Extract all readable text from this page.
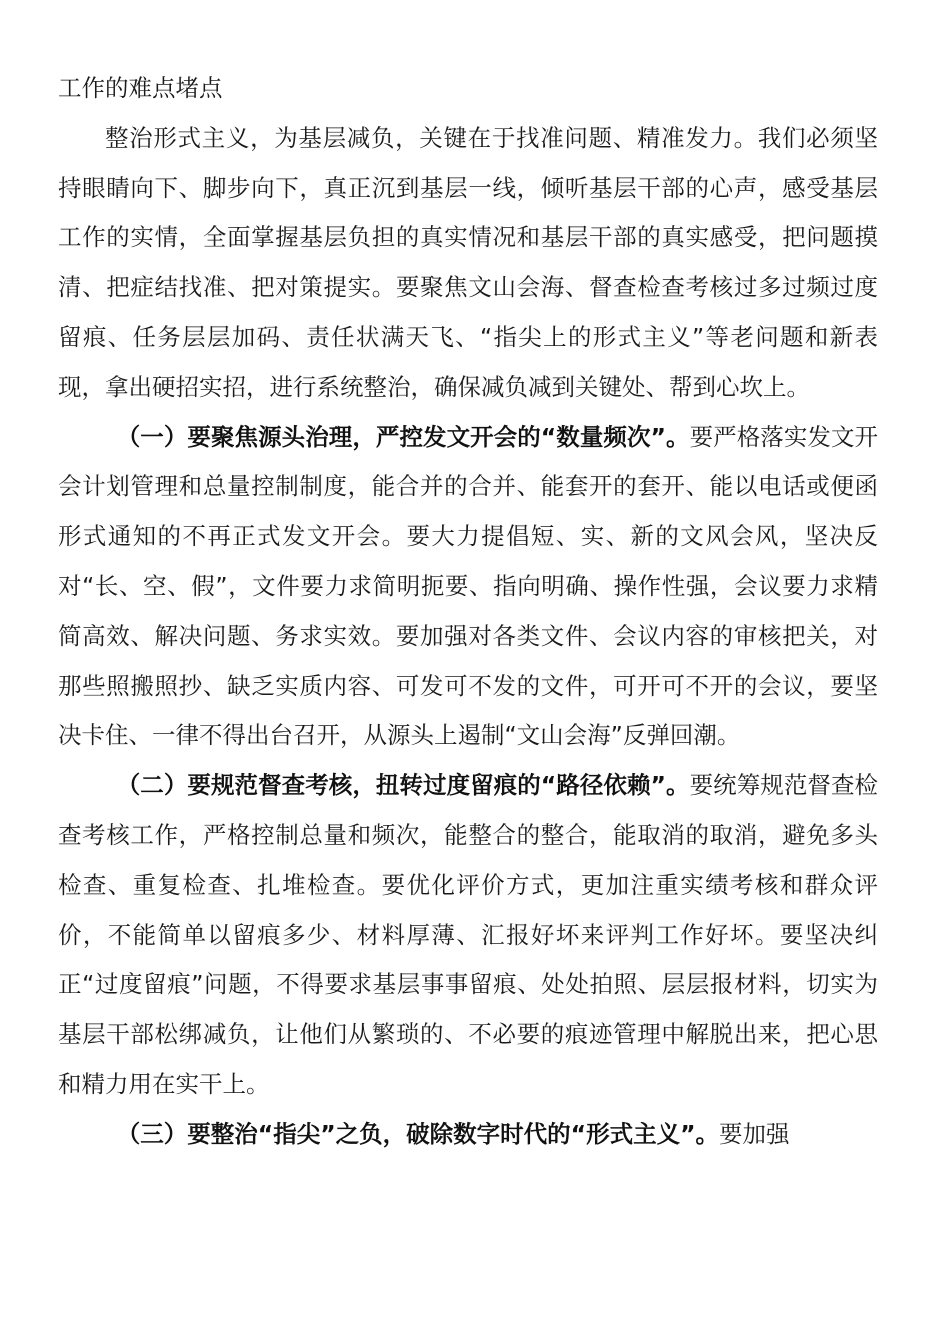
工作的难点堵点

整治形式主义，为基层减负，关键在于找准问题、精准发力。我们必须坚持眼睛向下、脚步向下，真正沉到基层一线，倾听基层干部的心声，感受基层工作的实情，全面掌握基层负担的真实情况和基层干部的真实感受，把问题摸清、把症结找准、把对策提实。要聚焦文山会海、督查检查考核过多过频过度留痕、任务层层加码、责任状满天飞、“指尖上的形式主义”等老问题和新表现，拿出硬招实招，进行系统整治，确保减负减到关键处、帮到心坎上。

（一）要聚焦源头治理，严控发文开会的“数量频次”。要严格落实发文开会计划管理和总量控制制度，能合并的合并、能套开的套开、能以电话或便函形式通知的不再正式发文开会。要大力提倡短、实、新的文风会风，坚决反对“长、空、假”，文件要力求简明扼要、指向明确、操作性强，会议要力求精简高效、解决问题、务求实效。要加强对各类文件、会议内容的审核把关，对那些照搬照抄、缺乏实质内容、可发可不发的文件，可开可不开的会议，要坚决卡住、一律不得出台召开，从源头上遏制“文山会海”反弹回潮。

（二）要规范督查考核，扭转过度留痕的“路径依赖”。要统筹规范督查检查考核工作，严格控制总量和频次，能整合的整合，能取消的取消，避免多头检查、重复检查、扎堆检查。要优化评价方式，更加注重实绩考核和群众评价，不能简单以留痕多少、材料厚薄、汇报好坏来评判工作好坏。要坚决纠正“过度留痕”问题，不得要求基层事事留痕、处处拍照、层层报材料，切实为基层干部松绑减负，让他们从繁琐的、不必要的痕迹管理中解脱出来，把心思和精力用在实干上。

（三）要整治“指尖”之负，破除数字时代的“形式主义”。要加强
